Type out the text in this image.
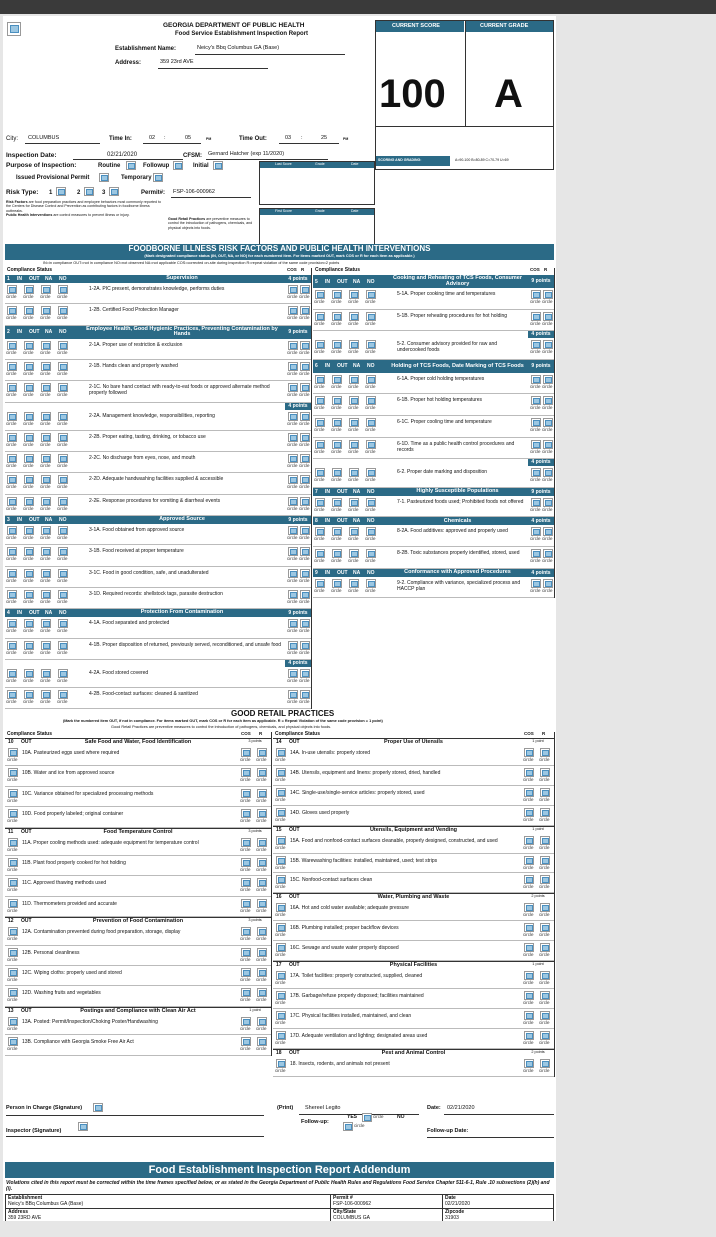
GEORGIA DEPARTMENT OF PUBLIC HEALTH
Food Service Establishment Inspection Report
Establishment Name:	Neicy's Bbq Columbus GA (Base)
Address:	359 23rd AVE
CURRENT SCORE	CURRENT GRADE
100 A
SCORING AND GRADING:	A=90-100 B=80-89 C=70-79 U=69
City: COLUMBUS	Time In:	02 :	05	PM	Time Out:	03 :	25	PM
Inspection Date:	02/21/2020	CFSM: Gernard Hatcher (exp 11/2020)
Purpose of Inspection:	Routine	Followup	Initial
Issued Provisional Permit	Temporary
Risk Type: 1	2	3	Permit#: FSP-106-000962
Last Score	Grade	Date
First Score	Grade	Date
Risk Factors are food preparation practices and employee behaviors most commonly reported to the Centers for Disease Control and Prevention as contributing factors in foodborne illness outbreaks.
Public Health Interventions are control measures to prevent illness or injury.
Good Retail Practices are preventive measures to control the introduction of pathogens, chemicals, and physical objects into foods.
FOODBORNE ILLNESS RISK FACTORS AND PUBLIC HEALTH INTERVENTIONS
(Mark designated compliance status (IN, OUT, NA, or NO) for each numbered item. For items marked OUT, mark COS or R for each item as applicable.)
IN=in compliance OUT=not in compliance NO=not observed NA=not applicable COS=corrected on-site during inspection R=repeat violation of the same code provision=2 points
GOOD RETAIL PRACTICES
(Mark the numbered item OUT, if not in compliance. For items marked OUT, mark COS or R for each item as applicable. R = Repeat Violation of the same code provision = 1 point)
Good Retail Practices are preventive measures to control the introduction of pathogens, chemicals, and physical objects into foods.
Person in Charge (Signature)	(Print) Shereel Legito	Date: 02/21/2020
Inspector (Signature)
Follow-up:
YES	circle	NO
circle
Follow-up Date:
Food Establishment Inspection Report Addendum
Violations cited in this report must be corrected within the time frames specified below, or as stated in the Georgia Department of Public Health Rules and Regulations Food Service Chapter 511-6-1, Rule .10 subsections (2)(h) and (i).
Establishment
Neicy's BBq Columbus GA (Base)
Permit #
FSP-106-000962
Date
02/21/2020
Address
359 23RD AVE
City/State
COLUMBUS GA
Zipcode
31903
Compliance Status	COS R
1 IN OUT NA NO	Supervision	4 points
circle circle circle circle
1-2A. PIC present, demonstrates knowledge, performs duties
circle circle
circle circle circle circle
1-2B. Certified Food Protection Manager
circle circle
2 IN OUT NA NO
Employee Health, Good Hygienic Practices, Preventing Contamination by Hands	9 points
circle circle circle circle
2-1A. Proper use of restriction & exclusion
circle circle
circle circle circle circle
2-1B. Hands clean and properly washed
circle circle
circle circle circle circle
2-1C. No bare hand contact with ready-to-eat foods or approved alternate method properly followed	circle circle
4 points
circle circle circle circle
2-2A. Management knowledge, responsibilities, reporting
circle circle
circle circle circle circle
2-2B. Proper eating, tasting, drinking, or tobacco use
circle circle
circle circle circle circle
2-2C. No discharge from eyes, nose, and mouth
circle circle
circle circle circle circle
2-2D. Adequate handwashing facilities supplied & accessible
circle circle
circle circle circle circle
2-2E. Response procedures for vomiting & diarrheal events
circle circle
3 IN OUT NA NO	Approved Source	9 points
circle circle circle circle
3-1A. Food obtained from approved source
circle circle
circle circle circle circle
3-1B. Food received at proper temperature
circle circle
circle circle circle circle
3-1C. Food in good condition, safe, and unadulterated
circle circle
circle circle circle circle
3-1D. Required records: shellstock tags, parasite destruction
circle circle
4 IN OUT NA NO	Protection From Contamination	9 points
circle circle circle circle
4-1A. Food separated and protected
circle circle
circle circle circle circle
4-1B. Proper disposition of returned, previously served, reconditioned, and unsafe food
circle circle
4 points
circle circle circle circle
4-2A. Food stored covered
circle circle
circle circle circle circle
4-2B. Food-contact surfaces: cleaned & sanitized
circle circle
Compliance Status	COS R
5 IN OUT NA NO
Cooking and Reheating of TCS Foods, Consumer Advisory	9 points
circle circle circle circle
5-1A. Proper cooking time and temperatures
circle circle
circle circle circle circle
5-1B. Proper reheating procedures for hot holding
circle circle
4 points
circle circle circle circle
5-2. Consumer advisory provided for raw and undercooked foods	circle circle
6 IN OUT NA NO	Holding of TCS Foods, Date Marking of TCS Foods	9 points
circle circle circle circle
6-1A. Proper cold holding temperatures
circle circle
circle circle circle circle
6-1B. Proper hot holding temperatures
circle circle
circle circle circle circle
6-1C. Proper cooling time and temperature
circle circle
circle circle circle circle
6-1D. Time as a public health control procedures and records	circle circle
4 points
circle circle circle circle
6-2. Proper date marking and disposition
circle circle
7 IN OUT NA NO	Highly Susceptible Populations	9 points
circle circle circle circle
7-1. Pasteurized foods used; Prohibited foods not offered
circle circle
8 IN OUT NA NO	Chemicals	4 points
circle circle circle circle
8-2A. Food additives: approved and properly used
circle circle
circle circle circle circle
8-2B. Toxic substances properly identified, stored, used
circle circle
9 IN OUT NA NO	Conformance with Approved Procedures	4 points
circle circle circle circle
9-2. Compliance with variance, specialized process and HACCP plan	circle circle
Compliance Status	COS R
10 OUT	Safe Food and Water, Food Identification	3 points
circle
10A. Pasteurized eggs used where required
circle circle
circle
10B. Water and ice from approved source
circle circle
circle
10C. Variance obtained for specialized processing methods
circle circle
circle
10D. Food properly labeled; original container
circle circle
11 OUT	Food Temperature Control	3 points
circle
11A. Proper cooling methods used: adequate equipment for temperature control
circle circle
circle
11B. Plant food properly cooked for hot holding
circle circle
circle
11C. Approved thawing methods used
circle circle
circle
11D. Thermometers provided and accurate
circle circle
12 OUT	Prevention of Food Contamination	3 points
circle
12A. Contamination prevented during food preparation, storage, display
circle circle
circle
12B. Personal cleanliness
circle circle
circle
12C. Wiping cloths: properly used and stored
circle circle
circle
12D. Washing fruits and vegetables
circle circle
13 OUT	Postings and Compliance with Clean Air Act	1 point
circle
13A. Posted: Permit/Inspection/Choking Poster/Handwashing
circle circle
circle
13B. Compliance with Georgia Smoke Free Air Act
circle circle
Compliance Status	COS R
14 OUT	Proper Use of Utensils	1 point
circle
14A. In-use utensils: properly stored
circle circle
circle
14B. Utensils, equipment and linens: properly stored, dried, handled
circle circle
circle
14C. Single-use/single-service articles: properly stored, used
circle circle
circle
14D. Gloves used properly
circle circle
15 OUT	Utensils, Equipment and Vending	1 point
circle
15A. Food and nonfood-contact surfaces cleanable, properly designed, constructed, and used
circle circle
circle
15B. Warewashing facilities: installed, maintained, used; test strips
circle circle
circle
15C. Nonfood-contact surfaces clean
circle circle
16 OUT	Water, Plumbing and Waste	2 points
circle
16A. Hot and cold water available; adequate pressure
circle circle
circle
16B. Plumbing installed; proper backflow devices
circle circle
circle
16C. Sewage and waste water properly disposed
circle circle
17 OUT	Physical Facilities	1 point
circle
17A. Toilet facilities: properly constructed, supplied, cleaned
circle circle
circle
17B. Garbage/refuse properly disposed; facilities maintained
circle circle
circle
17C. Physical facilities installed, maintained, and clean
circle circle
circle
17D. Adequate ventilation and lighting; designated areas used
circle circle
18 OUT	Pest and Animal Control	2 points
circle
18. Insects, rodents, and animals not present
circle circle
